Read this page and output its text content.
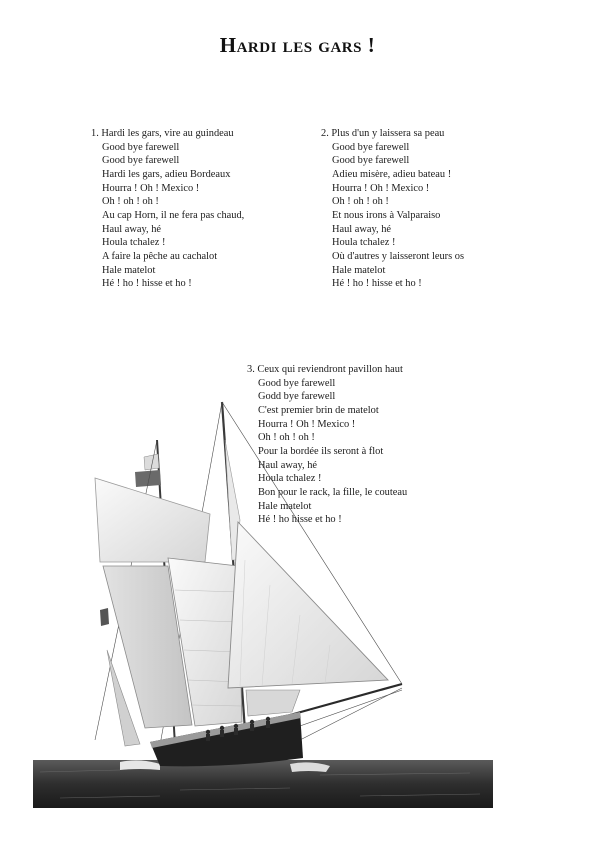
Hardi les gars !
1. Hardi les gars, vire au guindeau
Good bye farewell
Good bye farewell
Hardi les gars, adieu Bordeaux
Hourra ! Oh ! Mexico !
Oh ! oh ! oh !
Au cap Horn, il ne fera pas chaud,
Haul away, hé
Houla tchalez !
A faire la pêche au cachalot
Hale matelot
Hé ! ho ! hisse et ho !
2. Plus d'un y laissera sa peau
Good bye farewell
Good bye farewell
Adieu misère, adieu bateau !
Hourra ! Oh ! Mexico !
Oh ! oh ! oh !
Et nous irons à Valparaiso
Haul away, hé
Houla tchalez !
Où d'autres y laisseront leurs os
Hale matelot
Hé ! ho ! hisse et ho !
3. Ceux qui reviendront pavillon haut
Good bye farewell
Godd bye farewell
C'est premier brin de matelot
Hourra ! Oh ! Mexico !
Oh ! oh ! oh !
Pour la bordée ils seront à flot
Haul away, hé
Houla tchalez !
Bon pour le rack, la fille, le couteau
Hale matelot
Hé ! ho hisse et ho !
